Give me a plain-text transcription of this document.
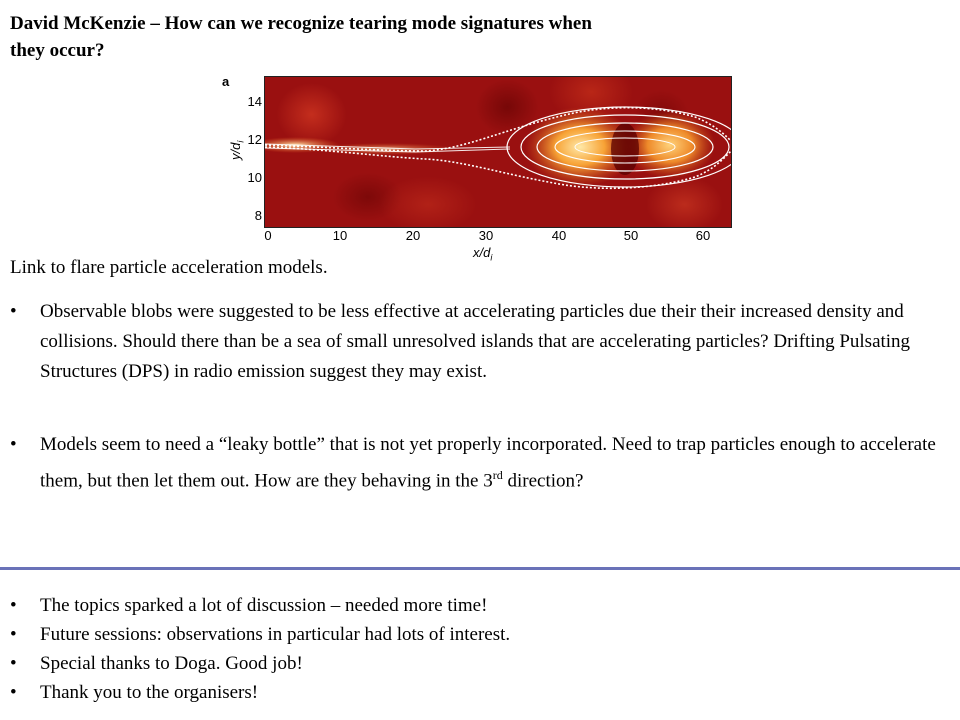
David McKenzie – How can we recognize tearing mode signatures when they occur?
a
$y/d_i$
14
12
10
8
0	10	20	30	40	50	60
$x/d_i$
Link to flare particle acceleration models.
• Observable blobs were suggested to be less effective at accelerating particles due their their increased density and collisions. Should there than be a sea of small unresolved islands that are accelerating particles? Drifting Pulsating Structures (DPS) in radio emission suggest they may exist.
• Models seem to need a “leaky bottle” that is not yet properly incorporated. Need to trap particles enough to accelerate them, but then let them out. How are they behaving in the 3rd direction?
• The topics sparked a lot of discussion – needed more time!
• Future sessions: observations in particular had lots of interest.
• Special thanks to Doga. Good job!
• Thank you to the organisers!
